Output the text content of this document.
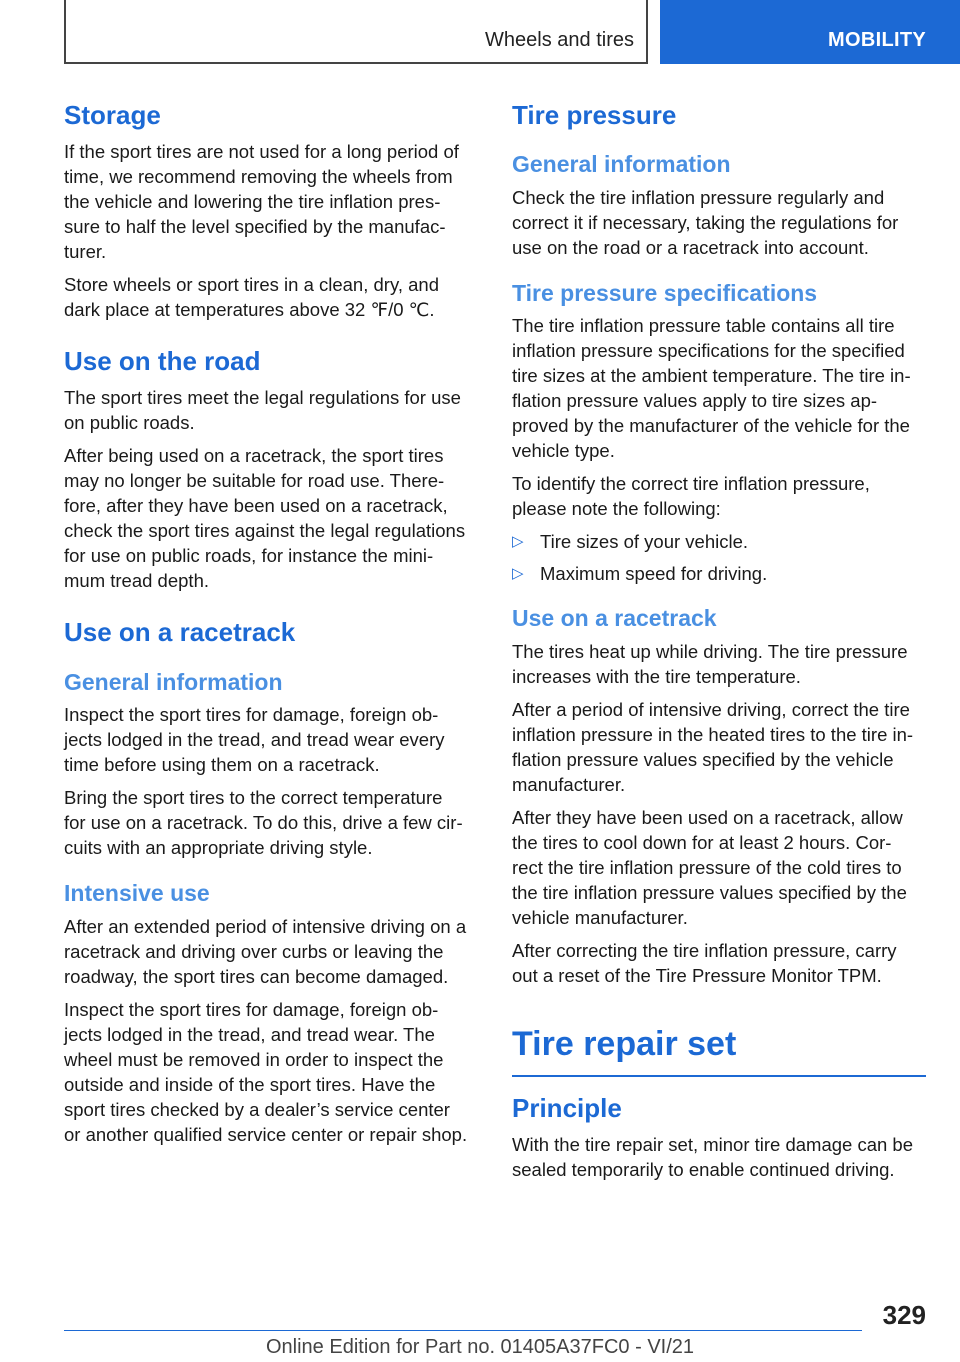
Wheels and tires	MOBILITY
Storage

If the sport tires are not used for a long period of
time, we recommend removing the wheels from
the vehicle and lowering the tire inflation pres‐
sure to half the level specified by the manufac‐
turer.

Store wheels or sport tires in a clean, dry, and
dark place at temperatures above 32 ℉/0 ℃.

Use on the road

The sport tires meet the legal regulations for use
on public roads.

After being used on a racetrack, the sport tires
may no longer be suitable for road use. There‐
fore, after they have been used on a racetrack,
check the sport tires against the legal regulations
for use on public roads, for instance the mini‐
mum tread depth.

Use on a racetrack
General information

Inspect the sport tires for damage, foreign ob‐
jects lodged in the tread, and tread wear every
time before using them on a racetrack.

Bring the sport tires to the correct temperature
for use on a racetrack. To do this, drive a few cir‐
cuits with an appropriate driving style.

Intensive use

After an extended period of intensive driving on a
racetrack and driving over curbs or leaving the
roadway, the sport tires can become damaged.

Inspect the sport tires for damage, foreign ob‐
jects lodged in the tread, and tread wear. The
wheel must be removed in order to inspect the
outside and inside of the sport tires. Have the
sport tires checked by a dealer’s service center
or another qualified service center or repair shop.

Tire pressure
General information

Check the tire inflation pressure regularly and
correct it if necessary, taking the regulations for
use on the road or a racetrack into account.

Tire pressure specifications

The tire inflation pressure table contains all tire
inflation pressure specifications for the specified
tire sizes at the ambient temperature. The tire in‐
flation pressure values apply to tire sizes ap‐
proved by the manufacturer of the vehicle for the
vehicle type.

To identify the correct tire inflation pressure,
please note the following:

▷ Tire sizes of your vehicle.
▷ Maximum speed for driving.
Use on a racetrack

The tires heat up while driving. The tire pressure
increases with the tire temperature.

After a period of intensive driving, correct the tire
inflation pressure in the heated tires to the tire in‐
flation pressure values specified by the vehicle
manufacturer.

After they have been used on a racetrack, allow
the tires to cool down for at least 2 hours. Cor‐
rect the tire inflation pressure of the cold tires to
the tire inflation pressure values specified by the
vehicle manufacturer.

After correcting the tire inflation pressure, carry
out a reset of the Tire Pressure Monitor TPM.

Tire repair set
Principle

With the tire repair set, minor tire damage can be
sealed temporarily to enable continued driving.

329
Online Edition for Part no. 01405A37FC0 - VI/21
